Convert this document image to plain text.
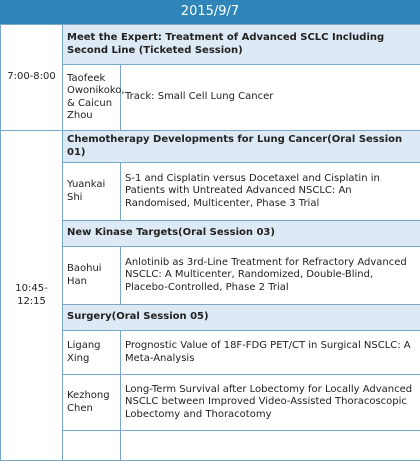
2015/9/7
7:00-8:00	Meet the Expert: Treatment of Advanced SCLC Including Second Line (Ticketed Session)	
	Taofeek Owonikoko, & Caicun Zhou	Track: Small Cell Lung Cancer
10:45-12:15	Chemotherapy Developments for Lung Cancer(Oral Session 01)	
	Yuankai Shi	S-1 and Cisplatin versus Docetaxel and Cisplatin in Patients with Untreated Advanced NSCLC: An Randomised, Multicenter, Phase 3 Trial
	New Kinase Targets(Oral Session 03)	
	Baohui Han	Anlotinib as 3rd-Line Treatment for Refractory Advanced NSCLC: A Multicenter, Randomized, Double-Blind, Placebo-Controlled, Phase 2 Trial
	Surgery(Oral Session 05)	
	Ligang Xing	Prognostic Value of 18F-FDG PET/CT in Surgical NSCLC: A Meta-Analysis
	Kezhong Chen	Long-Term Survival after Lobectomy for Locally Advanced NSCLC between Improved Video-Assisted Thoracoscopic Lobectomy and Thoracotomy
